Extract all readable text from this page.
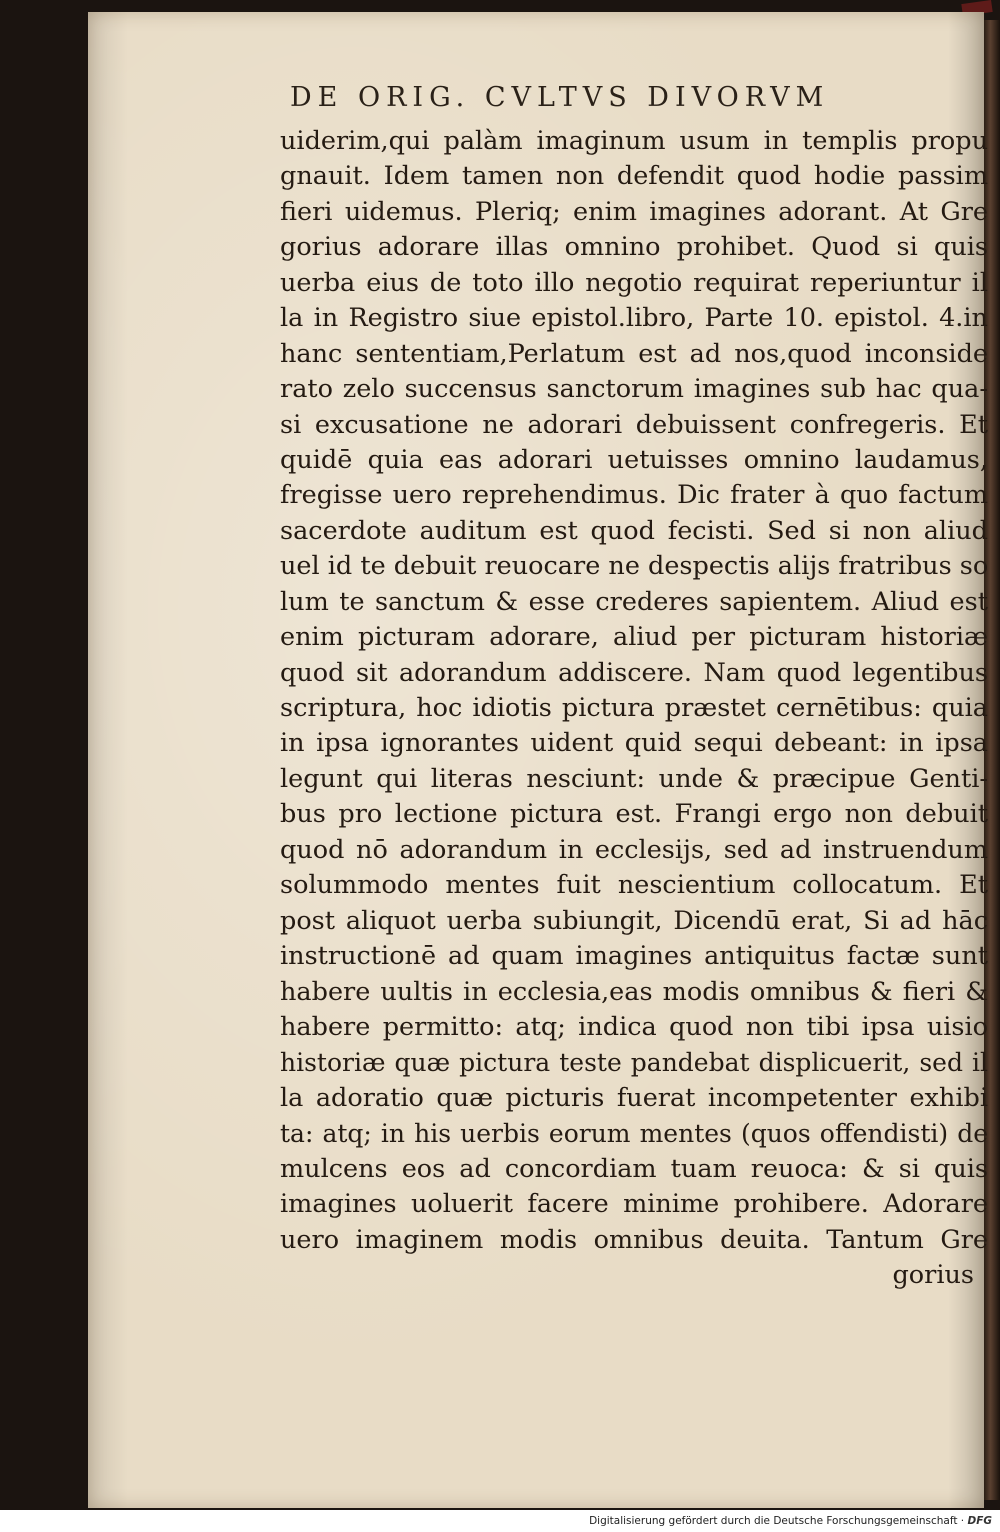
DE ORIG. CVLTVS DIVORVM
uiderim,qui palàm imaginum usum in templis propu
gnauit. Idem tamen non defendit quod hodie passim
fieri uidemus. Pleriq; enim imagines adorant. At Gre
gorius adorare illas omnino prohibet. Quod si quis
uerba eius de toto illo negotio requirat reperiuntur il
la in Registro siue epistol.libro, Parte 10. epistol. 4.in
hanc sententiam,Perlatum est ad nos,quod inconside
rato zelo succensus sanctorum imagines sub hac qua-
si excusatione ne adorari debuissent confregeris. Et
quidē quia eas adorari uetuisses omnino laudamus,
fregisse uero reprehendimus. Dic frater à quo factum
sacerdote auditum est quod fecisti. Sed si non aliud
uel id te debuit reuocare ne despectis alijs fratribus so
lum te sanctum & esse crederes sapientem. Aliud est
enim picturam adorare, aliud per picturam historiæ
quod sit adorandum addiscere. Nam quod legentibus
scriptura, hoc idiotis pictura præstet cernētibus: quia
in ipsa ignorantes uident quid sequi debeant: in ipsa
legunt qui literas nesciunt: unde & præcipue Genti-
bus pro lectione pictura est. Frangi ergo non debuit
quod nō adorandum in ecclesijs, sed ad instruendum
solummodo mentes fuit nescientium collocatum. Et
post aliquot uerba subiungit, Dicendū erat, Si ad hāc
instructionē ad quam imagines antiquitus factæ sunt
habere uultis in ecclesia,eas modis omnibus & fieri &
habere permitto: atq; indica quod non tibi ipsa uisio
historiæ quæ pictura teste pandebat displicuerit, sed il
la adoratio quæ picturis fuerat incompetenter exhibi
ta: atq; in his uerbis eorum mentes (quos offendisti) de
mulcens eos ad concordiam tuam reuoca: & si quis
imagines uoluerit facere minime prohibere. Adorare
uero imaginem modis omnibus deuita. Tantum Gre
gorius
Digitalisierung gefördert durch die Deutsche Forschungsgemeinschaft · DFG
